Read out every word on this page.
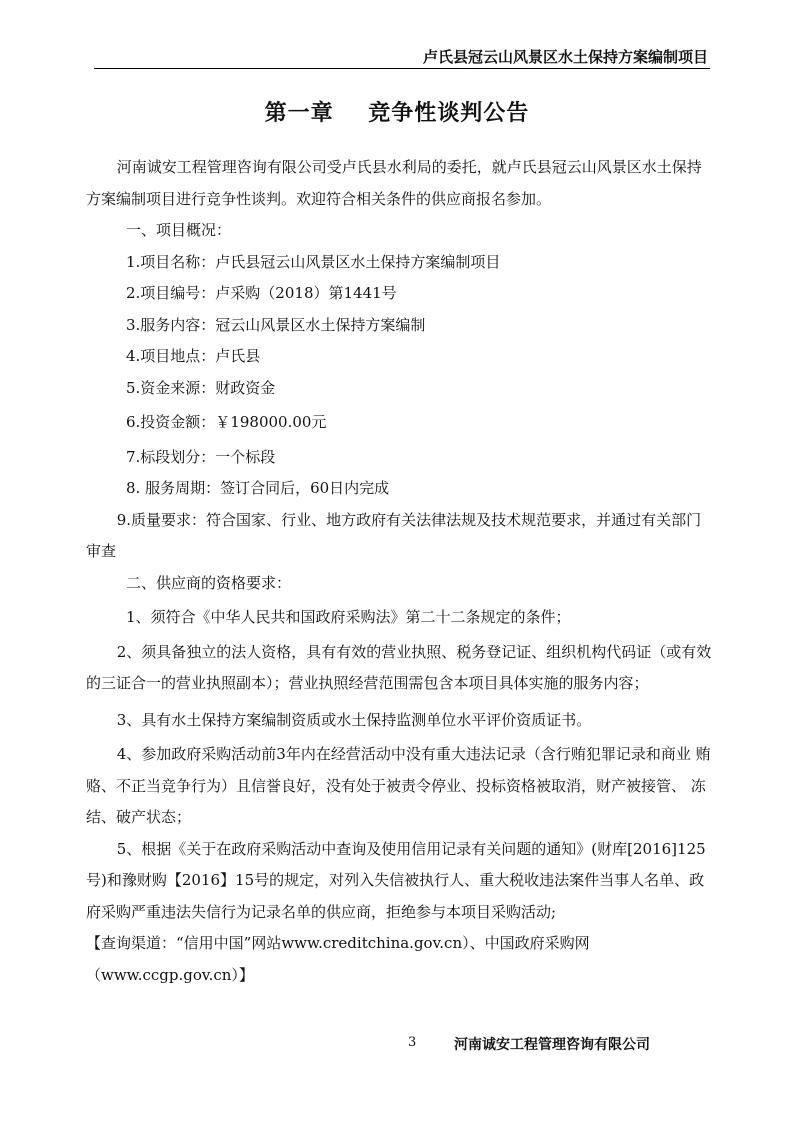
卢氏县冠云山风景区水土保持方案编制项目
第一章    竞争性谈判公告

河南诚安工程管理咨询有限公司受卢氏县水利局的委托，就卢氏县冠云山风景区水土保持方案编制项目进行竞争性谈判。欢迎符合相关条件的供应商报名参加。

一、项目概况：

1.项目名称：卢氏县冠云山风景区水土保持方案编制项目

2.项目编号：卢采购（2018）第1441号

3.服务内容：冠云山风景区水土保持方案编制

4.项目地点：卢氏县

5.资金来源：财政资金

6.投资金额：￥198000.00元

7.标段划分：一个标段

8. 服务周期：签订合同后，60日内完成

9.质量要求：符合国家、行业、地方政府有关法律法规及技术规范要求，并通过有关部门审查

二、供应商的资格要求：

1、须符合《中华人民共和国政府采购法》第二十二条规定的条件；

2、须具备独立的法人资格，具有有效的营业执照、税务登记证、组织机构代码证（或有效的三证合一的营业执照副本）；营业执照经营范围需包含本项目具体实施的服务内容；

3、具有水土保持方案编制资质或水土保持监测单位水平评价资质证书。

4、参加政府采购活动前3年内在经营活动中没有重大违法记录（含行贿犯罪记录和商业 贿赂、不正当竞争行为）且信誉良好，没有处于被责令停业、投标资格被取消，财产被接管、 冻结、破产状态；

5、根据《关于在政府采购活动中查询及使用信用记录有关问题的通知》(财库[2016]125号)和豫财购【2016】15号的规定，对列入失信被执行人、重大税收违法案件当事人名单、政府采购严重违法失信行为记录名单的供应商，拒绝参与本项目采购活动;

【查询渠道：“信用中国”网站www.creditchina.gov.cn）、中国政府采购网（www.ccgp.gov.cn）】

3	河南诚安工程管理咨询有限公司
